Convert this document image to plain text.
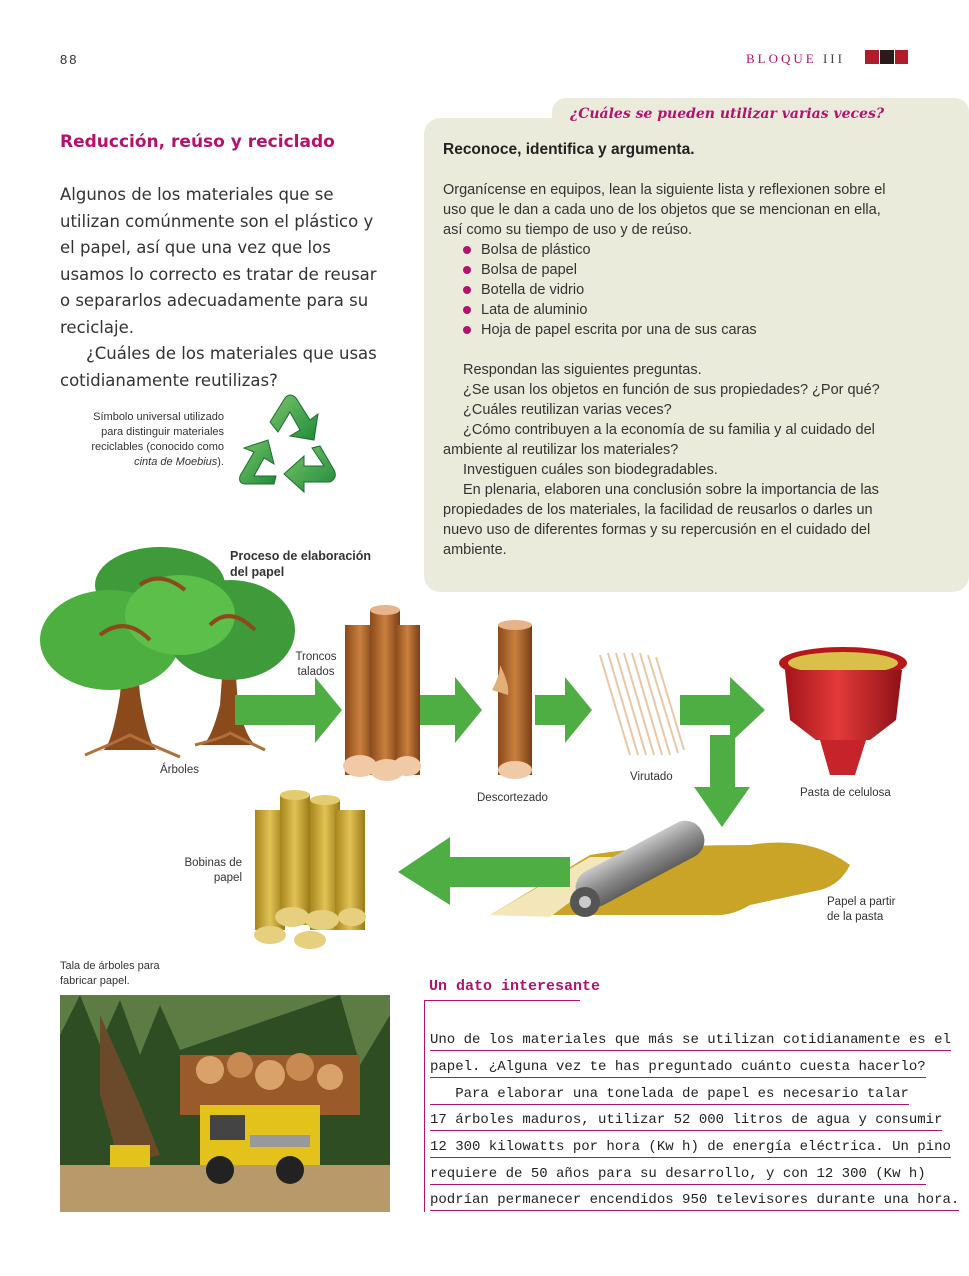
88	BLOQUE III
Reducción, reúso y reciclado

Algunos de los materiales que se utilizan comúnmente son el plástico y el papel, así que una vez que los usamos lo correcto es tratar de reusar o separarlos adecuadamente para su reciclaje.

¿Cuáles de los materiales que usas cotidianamente reutilizas?

Símbolo universal utilizado para distinguir materiales reciclables (conocido como cinta de Moebius).
¿Cuáles se pueden utilizar varias veces?
Reconoce, identifica y argumenta.

Organícense en equipos, lean la siguiente lista y reflexionen sobre el uso que le dan a cada uno de los objetos que se mencionan en ella, así como su tiempo de uso y de reúso.

Bolsa de plástico
Bolsa de papel
Botella de vidrio
Lata de aluminio
Hoja de papel escrita por una de sus caras

Respondan las siguientes preguntas.

¿Se usan los objetos en función de sus propiedades? ¿Por qué?

¿Cuáles reutilizan varias veces?

¿Cómo contribuyen a la economía de su familia y al cuidado del ambiente al reutilizar los materiales?

Investiguen cuáles son biodegradables.

En plenaria, elaboren una conclusión sobre la importancia de las propiedades de los materiales, la facilidad de reusarlos o darles un nuevo uso de diferentes formas y su repercusión en el cuidado del ambiente.

Proceso de elaboración del papel
Árboles
Troncos talados
Descortezado
Virutado
Pasta de celulosa
Papel a partir de la pasta
Bobinas de papel
Tala de árboles para fabricar papel.	Un dato interesante
Uno de los materiales que más se utilizan cotidianamente es el
papel. ¿Alguna vez te has preguntado cuánto cuesta hacerlo?
Para elaborar una tonelada de papel es necesario talar
17 árboles maduros, utilizar 52 000 litros de agua y consumir
12 300 kilowatts por hora (Kw h) de energía eléctrica. Un pino
requiere de 50 años para su desarrollo, y con 12 300 (Kw h)
podrían permanecer encendidos 950 televisores durante una hora.
